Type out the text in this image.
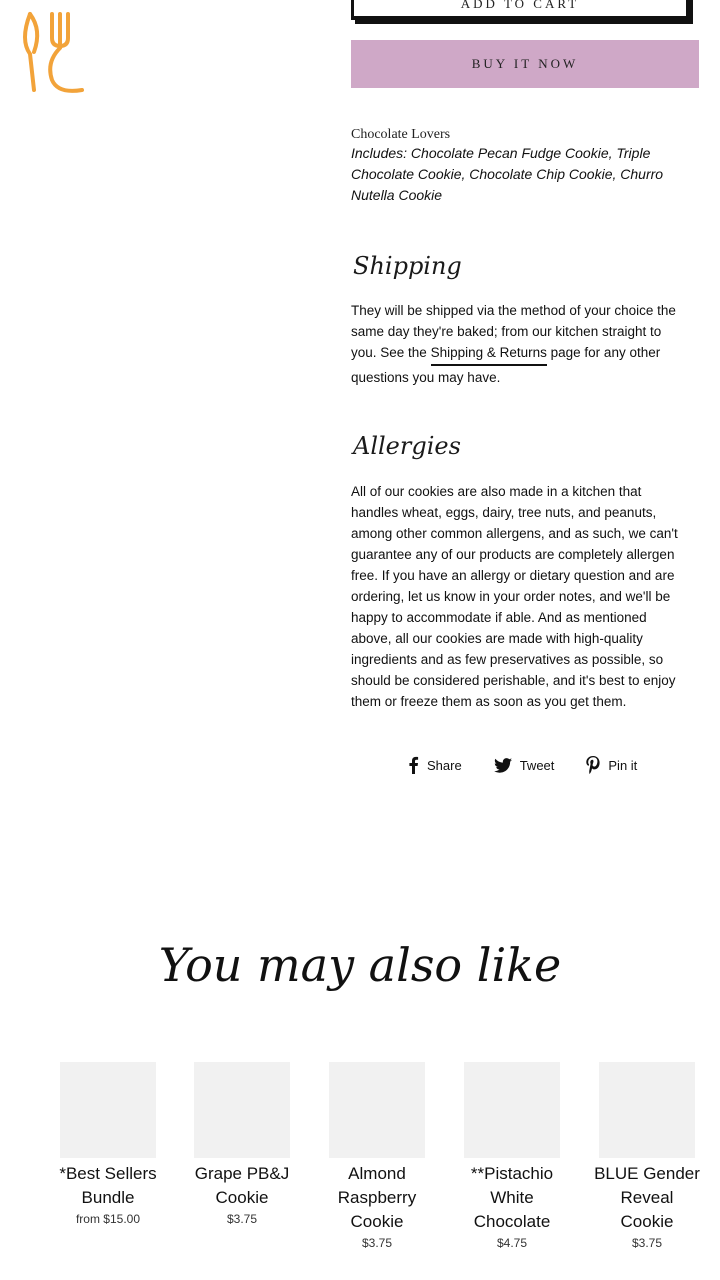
ADD TO CART
BUY IT NOW
Chocolate Lovers
Includes: Chocolate Pecan Fudge Cookie, Triple Chocolate Cookie, Chocolate Chip Cookie, Churro Nutella Cookie
Shipping
They will be shipped via the method of your choice the same day they're baked; from our kitchen straight to you. See the Shipping & Returns page for any other
questions you may have.
Allergies
All of our cookies are also made in a kitchen that handles wheat, eggs, dairy, tree nuts, and peanuts, among other common allergens, and as such, we can't guarantee any of our products are completely allergen free. If you have an allergy or dietary question and are ordering, let us know in your order notes, and we'll be happy to accommodate if able. And as mentioned above, all our cookies are made with high-quality ingredients and as few preservatives as possible, so should be considered perishable, and it's best to enjoy them or freeze them as soon as you get them.
Share	Tweet	Pin it
You may also like
*Best Sellers Bundle
from $15.00
Grape PB&J Cookie
$3.75
Almond Raspberry Cookie
$3.75
**Pistachio White Chocolate
$4.75
BLUE Gender Reveal Cookie
$3.75
